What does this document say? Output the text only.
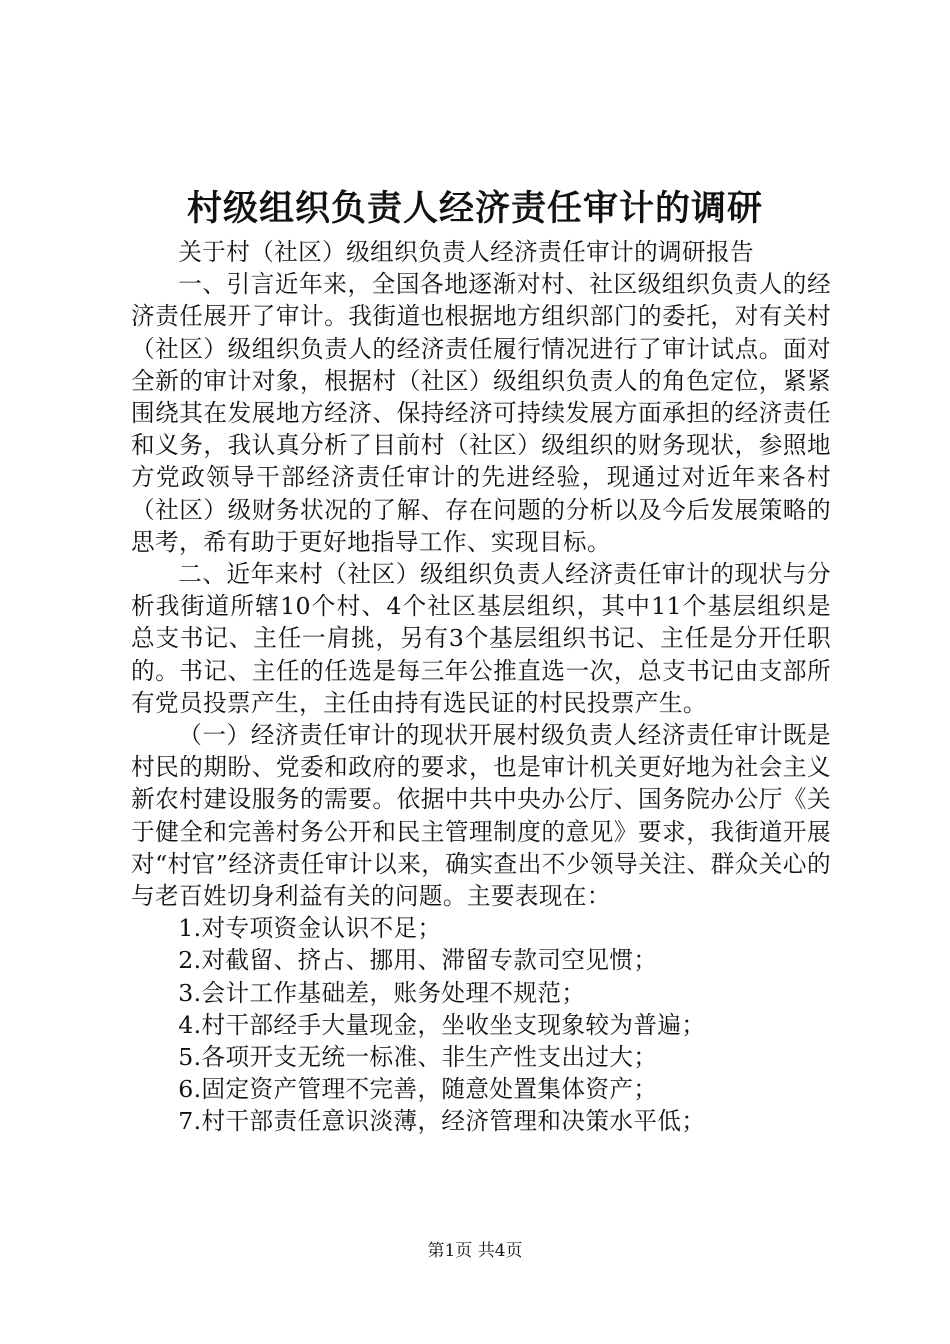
村级组织负责人经济责任审计的调研

关于村（社区）级组织负责人经济责任审计的调研报告

一、引言近年来，全国各地逐渐对村、社区级组织负责人的经济责任展开了审计。我街道也根据地方组织部门的委托，对有关村（社区）级组织负责人的经济责任履行情况进行了审计试点。面对全新的审计对象，根据村（社区）级组织负责人的角色定位，紧紧围绕其在发展地方经济、保持经济可持续发展方面承担的经济责任和义务，我认真分析了目前村（社区）级组织的财务现状，参照地方党政领导干部经济责任审计的先进经验，现通过对近年来各村（社区）级财务状况的了解、存在问题的分析以及今后发展策略的思考，希有助于更好地指导工作、实现目标。

二、近年来村（社区）级组织负责人经济责任审计的现状与分析我街道所辖10个村、4个社区基层组织，其中11个基层组织是总支书记、主任一肩挑，另有3个基层组织书记、主任是分开任职的。书记、主任的任选是每三年公推直选一次，总支书记由支部所有党员投票产生，主任由持有选民证的村民投票产生。

（一）经济责任审计的现状开展村级负责人经济责任审计既是村民的期盼、党委和政府的要求，也是审计机关更好地为社会主义新农村建设服务的需要。依据中共中央办公厅、国务院办公厅《关于健全和完善村务公开和民主管理制度的意见》要求，我街道开展对“村官”经济责任审计以来，确实查出不少领导关注、群众关心的与老百姓切身利益有关的问题。主要表现在：

1.对专项资金认识不足；

2.对截留、挤占、挪用、滞留专款司空见惯；

3.会计工作基础差，账务处理不规范；

4.村干部经手大量现金，坐收坐支现象较为普遍；

5.各项开支无统一标准、非生产性支出过大；

6.固定资产管理不完善，随意处置集体资产；

7.村干部责任意识淡薄，经济管理和决策水平低；

第1页 共4页
